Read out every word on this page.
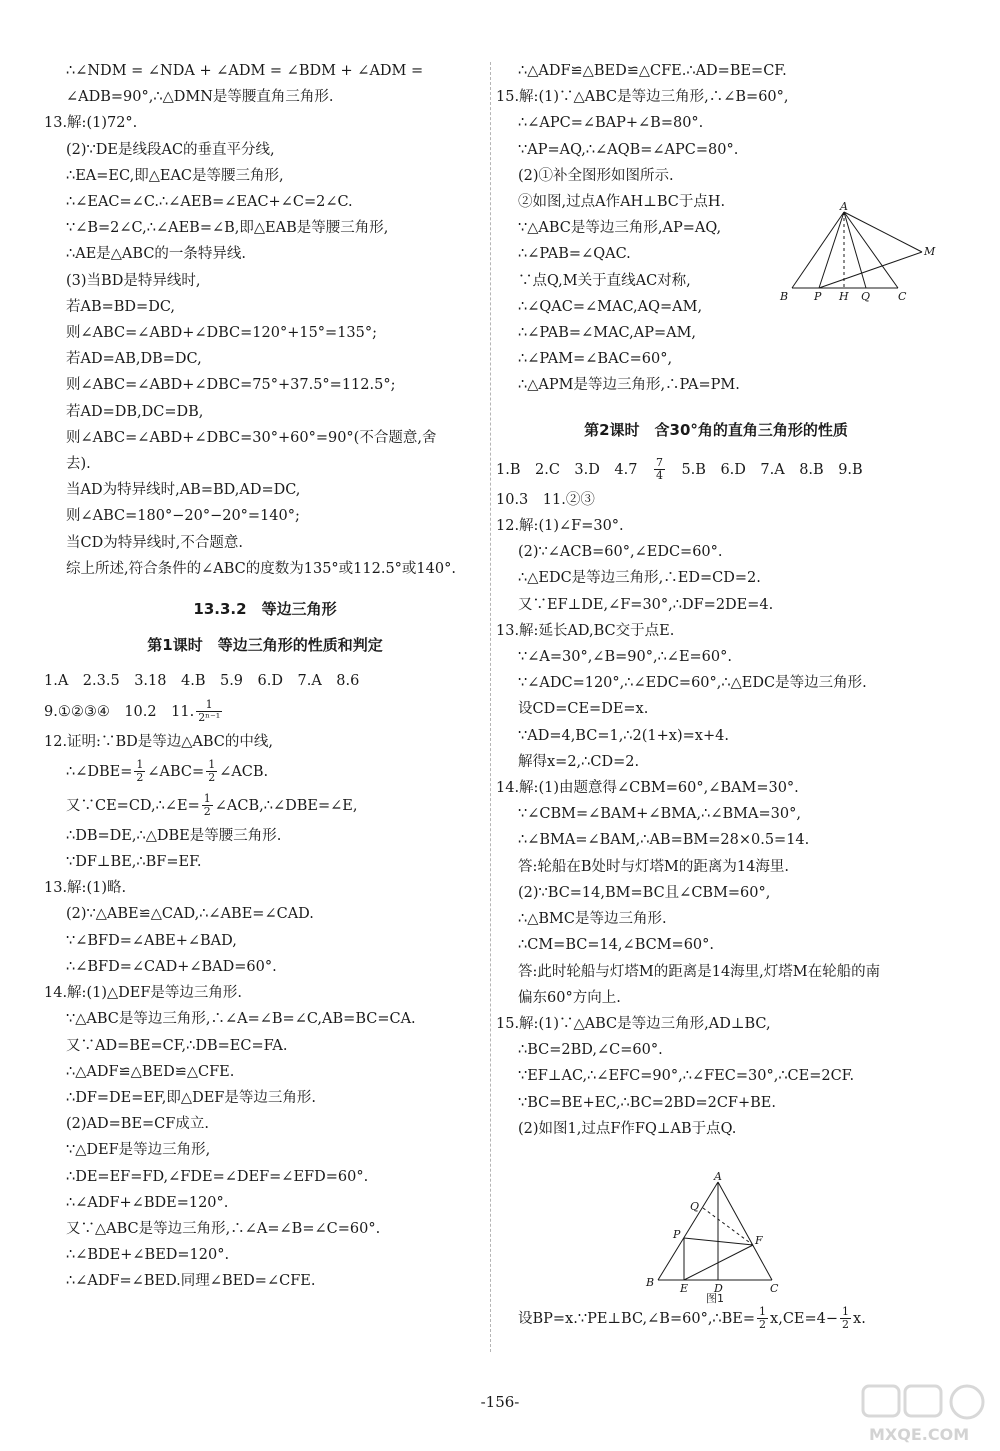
∴∠NDM = ∠NDA + ∠ADM = ∠BDM + ∠ADM =
∠ADB=90°,∴△DMN是等腰直角三角形.
13.解:(1)72°.
(2)∵DE是线段AC的垂直平分线,
∴EA=EC,即△EAC是等腰三角形,
∴∠EAC=∠C.∴∠AEB=∠EAC+∠C=2∠C.
∵∠B=2∠C,∴∠AEB=∠B,即△EAB是等腰三角形,
∴AE是△ABC的一条特异线.
(3)当BD是特异线时,
若AB=BD=DC,
则∠ABC=∠ABD+∠DBC=120°+15°=135°;
若AD=AB,DB=DC,
则∠ABC=∠ABD+∠DBC=75°+37.5°=112.5°;
若AD=DB,DC=DB,
则∠ABC=∠ABD+∠DBC=30°+60°=90°(不合题意,舍
去).
当AD为特异线时,AB=BD,AD=DC,
则∠ABC=180°−20°−20°=140°;
当CD为特异线时,不合题意.
综上所述,符合条件的∠ABC的度数为135°或112.5°或140°.
13.3.2　等边三角形
第1课时　等边三角形的性质和判定
1.A　2.3.5　3.18　4.B　5.9　6.D　7.A　8.6
9.①②③④　10.2　11. $\frac{1}{\text{2ⁿ⁻¹}}$
12.证明:∵BD是等边△ABC的中线,
∴∠DBE= $\frac{1}{2}$ ∠ABC= $\frac{1}{2}$ ∠ACB.
又∵CE=CD,∴∠E= $\frac{1}{2}$ ∠ACB,∴∠DBE=∠E,
∴DB=DE,∴△DBE是等腰三角形.
∵DF⊥BE,∴BF=EF.
13.解:(1)略.
(2)∵△ABE≌△CAD,∴∠ABE=∠CAD.
∵∠BFD=∠ABE+∠BAD,
∴∠BFD=∠CAD+∠BAD=60°.
14.解:(1)△DEF是等边三角形.
∵△ABC是等边三角形,∴∠A=∠B=∠C,AB=BC=CA.
又∵AD=BE=CF,∴DB=EC=FA.
∴△ADF≌△BED≌△CFE.
∴DF=DE=EF,即△DEF是等边三角形.
(2)AD=BE=CF成立.
∵△DEF是等边三角形,
∴DE=EF=FD,∠FDE=∠DEF=∠EFD=60°.
∴∠ADF+∠BDE=120°.
又∵△ABC是等边三角形,∴∠A=∠B=∠C=60°.
∴∠BDE+∠BED=120°.
∴∠ADF=∠BED.同理∠BED=∠CFE.
∴△ADF≌△BED≌△CFE.∴AD=BE=CF.
15.解:(1)∵△ABC是等边三角形,∴∠B=60°,
∴∠APC=∠BAP+∠B=80°.
∵AP=AQ,∴∠AQB=∠APC=80°.
(2)①补全图形如图所示.
②如图,过点A作AH⊥BC于点H.
∵△ABC是等边三角形,AP=AQ,
∴∠PAB=∠QAC.
∵点Q,M关于直线AC对称,
∴∠QAC=∠MAC,AQ=AM,
∴∠PAB=∠MAC,AP=AM,
∴∠PAM=∠BAC=60°,
∴△APM是等边三角形,∴PA=PM.
第2课时　含30°角的直角三角形的性质
1.B　2.C　3.D　4.7　 $\frac{7}{4}$ 　5.B　6.D　7.A　8.B　9.B
10.3　11.②③
12.解:(1)∠F=30°.
(2)∵∠ACB=60°,∠EDC=60°.
∴△EDC是等边三角形,∴ED=CD=2.
又∵EF⊥DE,∠F=30°,∴DF=2DE=4.
13.解:延长AD,BC交于点E.
∵∠A=30°,∠B=90°,∴∠E=60°.
∵∠ADC=120°,∴∠EDC=60°,∴△EDC是等边三角形.
设CD=CE=DE=x.
∵AD=4,BC=1,∴2(1+x)=x+4.
解得x=2,∴CD=2.
14.解:(1)由题意得∠CBM=60°,∠BAM=30°.
∵∠CBM=∠BAM+∠BMA,∴∠BMA=30°,
∴∠BMA=∠BAM,∴AB=BM=28×0.5=14.
答:轮船在B处时与灯塔M的距离为14海里.
(2)∵BC=14,BM=BC且∠CBM=60°,
∴△BMC是等边三角形.
∴CM=BC=14,∠BCM=60°.
答:此时轮船与灯塔M的距离是14海里,灯塔M在轮船的南
偏东60°方向上.
15.解:(1)∵△ABC是等边三角形,AD⊥BC,
∴BC=2BD,∠C=60°.
∵EF⊥AC,∴∠EFC=90°,∴∠FEC=30°,∴CE=2CF.
∵BC=BE+EC,∴BC=2BD=2CF+BE.
(2)如图1,过点F作FQ⊥AB于点Q.
设BP=x.∵PE⊥BC,∠B=60°,∴BE= $\frac{1}{2} x,CE=4- \frac{1}{2} x$.
A
M
B P H Q	C
A
Q
P	F
B E D	C
图1
-156-
MXQE.COM
